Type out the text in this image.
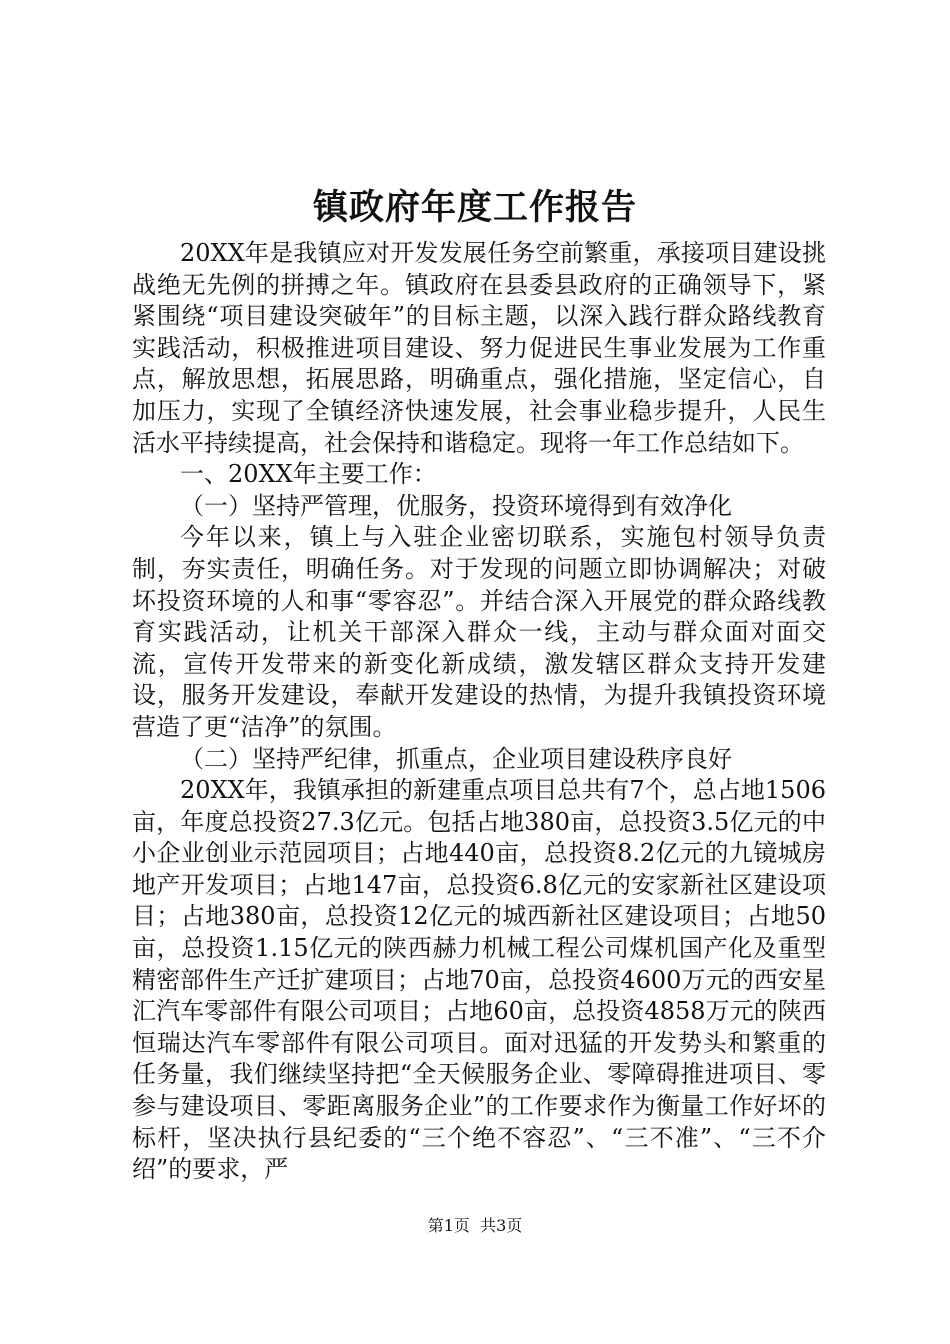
镇政府年度工作报告

20XX年是我镇应对开发发展任务空前繁重，承接项目建设挑战绝无先例的拼搏之年。镇政府在县委县政府的正确领导下，紧紧围绕“项目建设突破年”的目标主题，以深入践行群众路线教育实践活动，积极推进项目建设、努力促进民生事业发展为工作重点，解放思想，拓展思路，明确重点，强化措施，坚定信心，自加压力，实现了全镇经济快速发展，社会事业稳步提升，人民生活水平持续提高，社会保持和谐稳定。现将一年工作总结如下。

一、20XX年主要工作：

（一）坚持严管理，优服务，投资环境得到有效净化

今年以来，镇上与入驻企业密切联系，实施包村领导负责制，夯实责任，明确任务。对于发现的问题立即协调解决；对破坏投资环境的人和事“零容忍”。并结合深入开展党的群众路线教育实践活动，让机关干部深入群众一线，主动与群众面对面交流，宣传开发带来的新变化新成绩，激发辖区群众支持开发建设，服务开发建设，奉献开发建设的热情，为提升我镇投资环境营造了更“洁净”的氛围。

（二）坚持严纪律，抓重点，企业项目建设秩序良好

20XX年，我镇承担的新建重点项目总共有7个，总占地1506亩，年度总投资27.3亿元。包括占地380亩，总投资3.5亿元的中小企业创业示范园项目；占地440亩，总投资8.2亿元的九镜城房地产开发项目；占地147亩，总投资6.8亿元的安家新社区建设项目；占地380亩，总投资12亿元的城西新社区建设项目；占地50亩，总投资1.15亿元的陕西赫力机械工程公司煤机国产化及重型精密部件生产迁扩建项目；占地70亩，总投资4600万元的西安星汇汽车零部件有限公司项目；占地60亩，总投资4858万元的陕西恒瑞达汽车零部件有限公司项目。面对迅猛的开发势头和繁重的任务量，我们继续坚持把“全天候服务企业、零障碍推进项目、零参与建设项目、零距离服务企业”的工作要求作为衡量工作好坏的标杆，坚决执行县纪委的“三个绝不容忍”、“三不准”、“三不介绍”的要求，严

第1页  共3页
